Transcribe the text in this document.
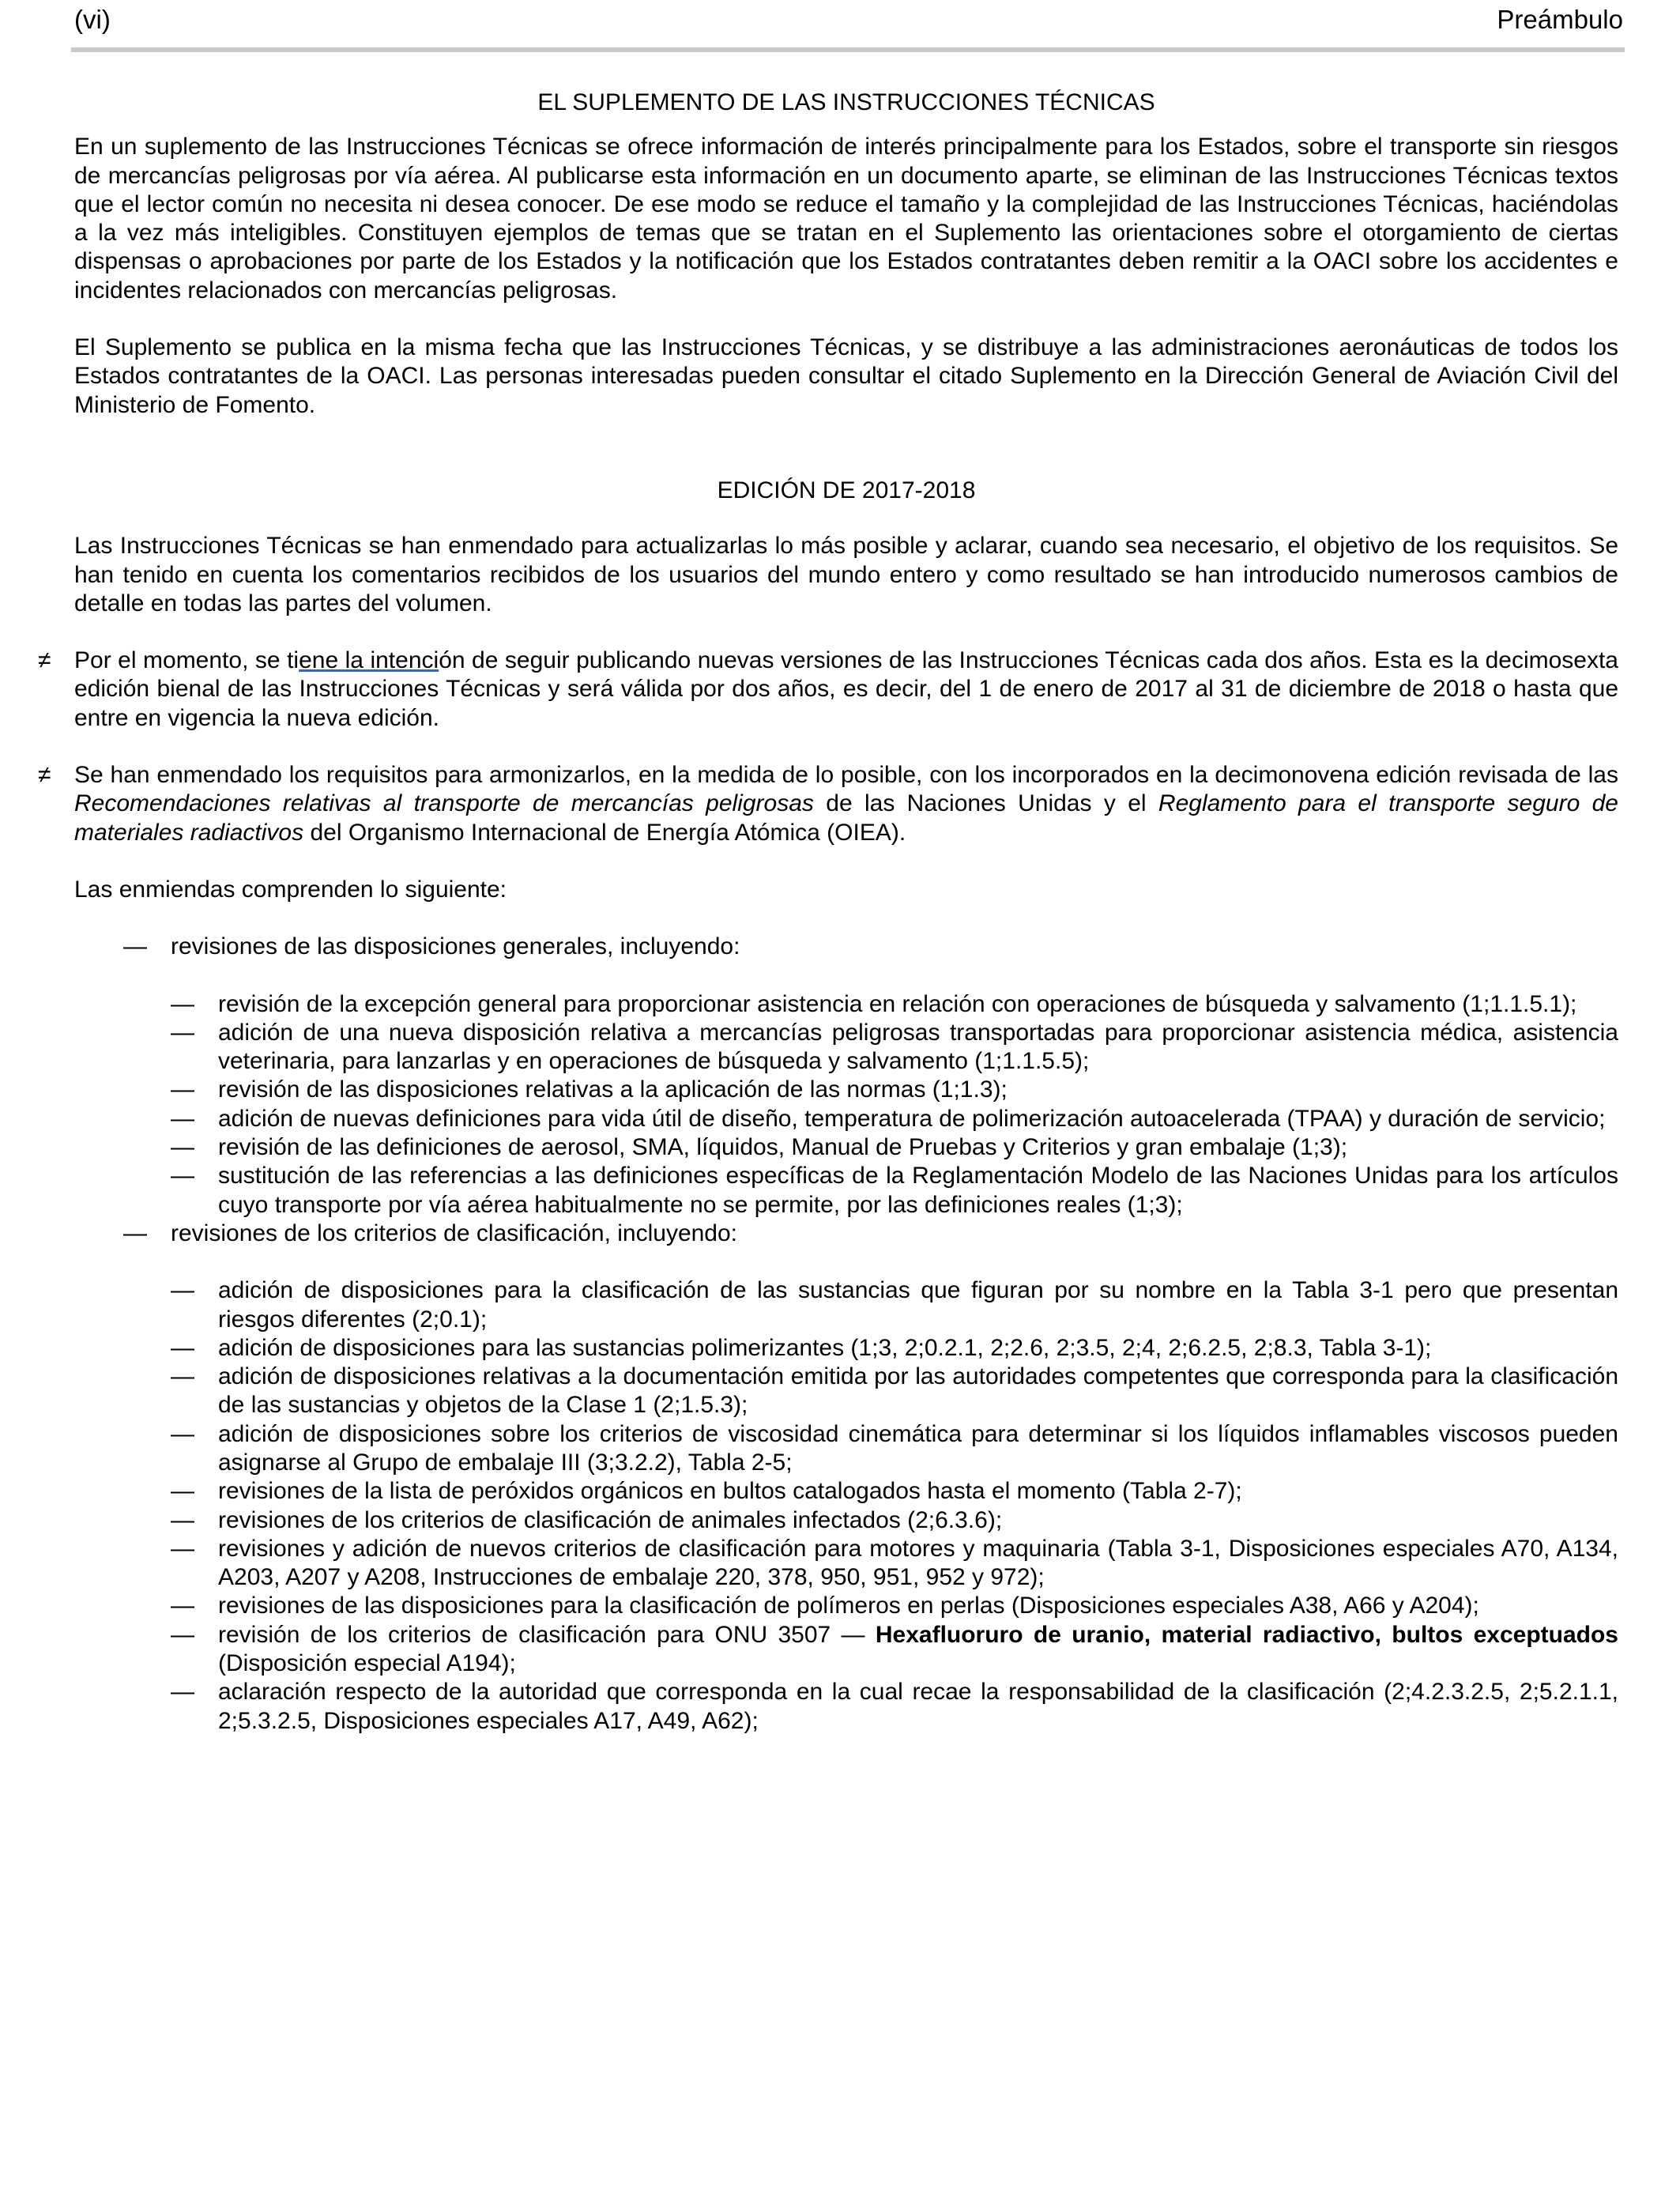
(vi)	Preámbulo
EL SUPLEMENTO DE LAS INSTRUCCIONES TÉCNICAS

En un suplemento de las Instrucciones Técnicas se ofrece información de interés principalmente para los Estados, sobre el transporte sin riesgos de mercancías peligrosas por vía aérea. Al publicarse esta información en un documento aparte, se eliminan de las Instrucciones Técnicas textos que el lector común no necesita ni desea conocer. De ese modo se reduce el tamaño y la complejidad de las Instrucciones Técnicas, haciéndolas a la vez más inteligibles. Constituyen ejemplos de temas que se tratan en el Suplemento las orientaciones sobre el otorgamiento de ciertas dispensas o aprobaciones por parte de los Estados y la notificación que los Estados contratantes deben remitir a la OACI sobre los accidentes e incidentes relacionados con mercancías peligrosas.

El Suplemento se publica en la misma fecha que las Instrucciones Técnicas, y se distribuye a las administraciones aeronáuticas de todos los Estados contratantes de la OACI. Las personas interesadas pueden consultar el citado Suplemento en la Dirección General de Aviación Civil del Ministerio de Fomento.

EDICIÓN DE 2017-2018

Las Instrucciones Técnicas se han enmendado para actualizarlas lo más posible y aclarar, cuando sea necesario, el objetivo de los requisitos. Se han tenido en cuenta los comentarios recibidos de los usuarios del mundo entero y como resultado se han introducido numerosos cambios de detalle en todas las partes del volumen.

≠ Por el momento, se tiene la intención de seguir publicando nuevas versiones de las Instrucciones Técnicas cada dos años. Esta es la decimosexta edición bienal de las Instrucciones Técnicas y será válida por dos años, es decir, del 1 de enero de 2017 al 31 de diciembre de 2018 o hasta que entre en vigencia la nueva edición.

≠ Se han enmendado los requisitos para armonizarlos, en la medida de lo posible, con los incorporados en la decimonovena edición revisada de las Recomendaciones relativas al transporte de mercancías peligrosas de las Naciones Unidas y el Reglamento para el transporte seguro de materiales radiactivos del Organismo Internacional de Energía Atómica (OIEA).

Las enmiendas comprenden lo siguiente:

— revisiones de las disposiciones generales, incluyendo:
— revisión de la excepción general para proporcionar asistencia en relación con operaciones de búsqueda y salvamento (1;1.1.5.1);
— adición de una nueva disposición relativa a mercancías peligrosas transportadas para proporcionar asistencia médica, asistencia veterinaria, para lanzarlas y en operaciones de búsqueda y salvamento (1;1.1.5.5);
— revisión de las disposiciones relativas a la aplicación de las normas (1;1.3);
— adición de nuevas definiciones para vida útil de diseño, temperatura de polimerización autoacelerada (TPAA) y duración de servicio;
— revisión de las definiciones de aerosol, SMA, líquidos, Manual de Pruebas y Criterios y gran embalaje (1;3);
— sustitución de las referencias a las definiciones específicas de la Reglamentación Modelo de las Naciones Unidas para los artículos cuyo transporte por vía aérea habitualmente no se permite, por las definiciones reales (1;3);
— revisiones de los criterios de clasificación, incluyendo:
— adición de disposiciones para la clasificación de las sustancias que figuran por su nombre en la Tabla 3-1 pero que presentan riesgos diferentes (2;0.1);
— adición de disposiciones para las sustancias polimerizantes (1;3, 2;0.2.1, 2;2.6, 2;3.5, 2;4, 2;6.2.5, 2;8.3, Tabla 3-1);
— adición de disposiciones relativas a la documentación emitida por las autoridades competentes que corresponda para la clasificación de las sustancias y objetos de la Clase 1 (2;1.5.3);
— adición de disposiciones sobre los criterios de viscosidad cinemática para determinar si los líquidos inflamables viscosos pueden asignarse al Grupo de embalaje III (3;3.2.2), Tabla 2-5;
— revisiones de la lista de peróxidos orgánicos en bultos catalogados hasta el momento (Tabla 2-7);
— revisiones de los criterios de clasificación de animales infectados (2;6.3.6);
— revisiones y adición de nuevos criterios de clasificación para motores y maquinaria (Tabla 3-1, Disposiciones especiales A70, A134, A203, A207 y A208, Instrucciones de embalaje 220, 378, 950, 951, 952 y 972);
— revisiones de las disposiciones para la clasificación de polímeros en perlas (Disposiciones especiales A38, A66 y A204);
— revisión de los criterios de clasificación para ONU 3507 — Hexafluoruro de uranio, material radiactivo, bultos exceptuados (Disposición especial A194);
— aclaración respecto de la autoridad que corresponda en la cual recae la responsabilidad de la clasificación (2;4.2.3.2.5, 2;5.2.1.1, 2;5.3.2.5, Disposiciones especiales A17, A49, A62);
